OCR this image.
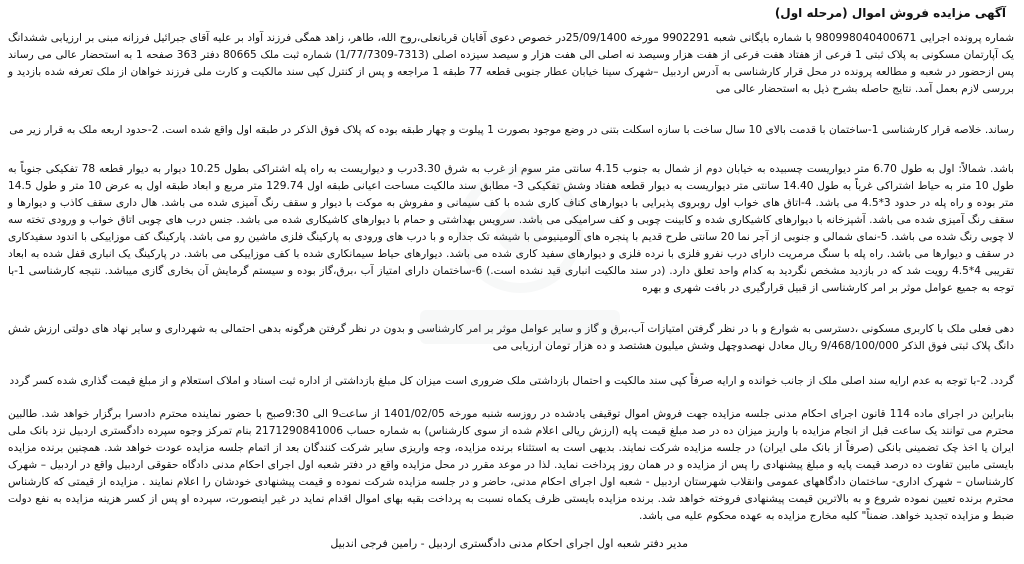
آگهی مزایده فروش اموال (مرحله اول)

شماره پرونده اجرایی 980998040400671 با شماره بایگانی شعبه 9902291 مورخه 25/09/1400در خصوص دعوی آقایان قربانعلی،روح الله، طاهر، زاهد همگی فرزند آواد بر علیه آقای جبرائیل فرزانه مبنی بر ارزیابی ششدانگ یک آپارتمان مسکونی به پلاک ثبتی 1 فرعی از هفتاد هفت فرعی از هفت هزار وسیصد نه اصلی الی هفت هزار و سیصد سیزده اصلی (7313-1/77/7309) شماره ثبت ملک 80665 دفتر 363 صفحه 1 به استحضار عالی می رساند پس ازحضور در شعبه و مطالعه پرونده در محل قرار کارشناسی به آدرس اردبیل –شهرک سینا خیابان عطار جنوبی قطعه 77 طبقه 1 مراجعه و پس از کنترل کپی سند مالکیت و کارت ملی فرزند خواهان از ملک تعرفه شده بازدید و بررسی لازم بعمل آمد. نتایج حاصله بشرح ذیل به استحضار عالی می

رساند. خلاصه قرار کارشناسی 1-ساختمان با قدمت بالای 10 سال ساخت با سازه اسکلت بتنی در وضع موجود بصورت 1 پیلوت و چهار طبقه بوده که پلاک فوق الذکر در طبقه اول واقع شده است. 2-حدود اربعه ملک به قرار زیر می

باشد. شمالاً: اول به طول 6.70 متر دیواریست چسبیده به خیابان دوم از شمال به جنوب 4.15 سانتی متر سوم از غرب به شرق 3.30درب و دیواریست به راه پله اشتراکی بطول 10.25 دیوار به دیوار قطعه 78 تفکیکی جنوباً به طول 10 متر به حیاط اشتراکی غرباً به طول 14.40 سانتی متر دیواریست به دیوار قطعه هفتاد وشش تفکیکی 3- مطابق سند مالکیت مساحت اعیانی طبقه اول 129.74 متر مربع و ابعاد طبقه اول به عرض 10 متر و طول 14.5 متر بوده و راه پله در حدود 3*4.5 می باشد. 4-اتاق های خواب اول روبروی پذیرایی با دیوارهای کناف کاری شده با کف سیمانی و مفروش به موکت با دیوار و سقف رنگ آمیزی شده می باشد. هال داری سقف کاذب و دیوارها و سقف رنگ آمیزی شده می باشد. آشپزخانه با دیوارهای کاشیکاری شده و کابینت چوبی و کف سرامیکی می باشد. سرویس بهداشتی و حمام با دیوارهای کاشیکاری شده می باشد. جنس درب های چوبی اتاق خواب و ورودی تخته سه لا چوبی رنگ شده می باشد. 5-نمای شمالی و جنوبی از آجر نما 20 سانتی طرح قدیم با پنجره های آلومینیومی با شیشه تک جداره و با درب های ورودی به پارکینگ فلزی ماشین رو می باشد. پارکینگ کف موزاییکی با اندود سفیدکاری در سقف و دیوارها می باشد. راه پله با سنگ مرمریت دارای درب نفرو فلزی با نرده فلزی و دیوارهای سفید کاری شده می باشد. دیوارهای حیاط سیمانکاری شده با کف موزاییکی می باشد. در پارکینگ یک انباری قفل شده به ابعاد تقریبی 4*4.5 رویت شد که در بازدید مشخص نگردید به کدام واحد تعلق دارد. (در سند مالکیت انباری قید نشده است.) 6-ساختمان دارای امتیاز آب ،برق،گاز بوده و سیستم گرمایش آن بخاری گازی میباشد. نتیجه کارشناسی 1-با توجه به جمیع عوامل موثر بر امر کارشناسی از قبیل قرارگیری در بافت شهری و بهره

دهی فعلی ملک با کاربری مسکونی ،دسترسی به شوارع و با در نظر گرفتن امتیازات آب،برق و گاز و سایر عوامل موثر بر امر کارشناسی و بدون در نظر گرفتن هرگونه بدهی احتمالی به شهرداری و سایر نهاد های دولتی ارزش شش دانگ پلاک ثبتی فوق الذکر 9/468/100/000 ریال معادل نهصدوچهل وشش میلیون هشتصد و ده هزار تومان ارزیابی می

گردد. 2-با توجه به عدم ارایه سند اصلی ملک از جانب خوانده و ارایه صرفاً کپی سند مالکیت و احتمال بازداشتی ملک ضروری است میزان کل مبلغ بازداشتی از اداره ثبت اسناد و املاک استعلام و از مبلغ قیمت گذاری شده کسر گردد

بنابراین در اجرای ماده 114 قانون اجرای احکام مدنی جلسه مزایده جهت فروش اموال توقیفی یادشده در روزسه شنبه مورخه 1401/02/05 از ساعت9 الی 9:30صبح با حضور نماینده محترم دادسرا برگزار خواهد شد. طالبین محترم می توانند یک ساعت قبل از انجام مزایده با واریز میزان ده در صد مبلغ قیمت پایه (ارزش ریالی اعلام شده از سوی کارشناس) به شماره حساب 2171290841006 بنام تمرکز وجوه سپرده دادگستری اردبیل نزد بانک ملی ایران یا اخذ چک تضمینی بانکی (صرفاً از بانک ملی ایران) در جلسه مزایده شرکت نمایند. بدیهی است به استثناء برنده مزایده، وجه واریزی سایر شرکت کنندگان بعد از اتمام جلسه مزایده عودت خواهد شد. همچنین برنده مزایده بایستی مابین تفاوت ده درصد قیمت پایه و مبلغ پیشنهادی را پس از مزایده و در همان روز پرداخت نماید. لذا در موعد مقرر در محل مزایده واقع در دفتر شعبه اول اجرای احکام مدنی دادگاه حقوقی اردبیل واقع در اردبیل – شهرک کارشناسان – شهرک اداری- ساختمان دادگاههای عمومی وانقلاب شهرستان اردبیل - شعبه اول اجرای احکام مدنی، حاضر و در جلسه مزایده شرکت نموده و قیمت پیشنهادی خودشان را اعلام نمایند . مزایده از قیمتی که کارشناس محترم برنده تعیین نموده شروع و به بالاترین قیمت پیشنهادی فروخته خواهد شد. برنده مزایده بایستی ظرف یکماه نسبت به پرداخت بقیه بهای اموال اقدام نماید در غیر اینصورت، سپرده او پس از کسر هزینه مزایده به نفع دولت ضبط و مزایده تجدید خواهد. ضمناً" کلیه مخارج مزایده به عهده محکوم علیه می باشد.

مدیر دفتر شعبه اول اجرای احکام مدنی دادگستری اردبیل - رامین فرجی اندبیل
